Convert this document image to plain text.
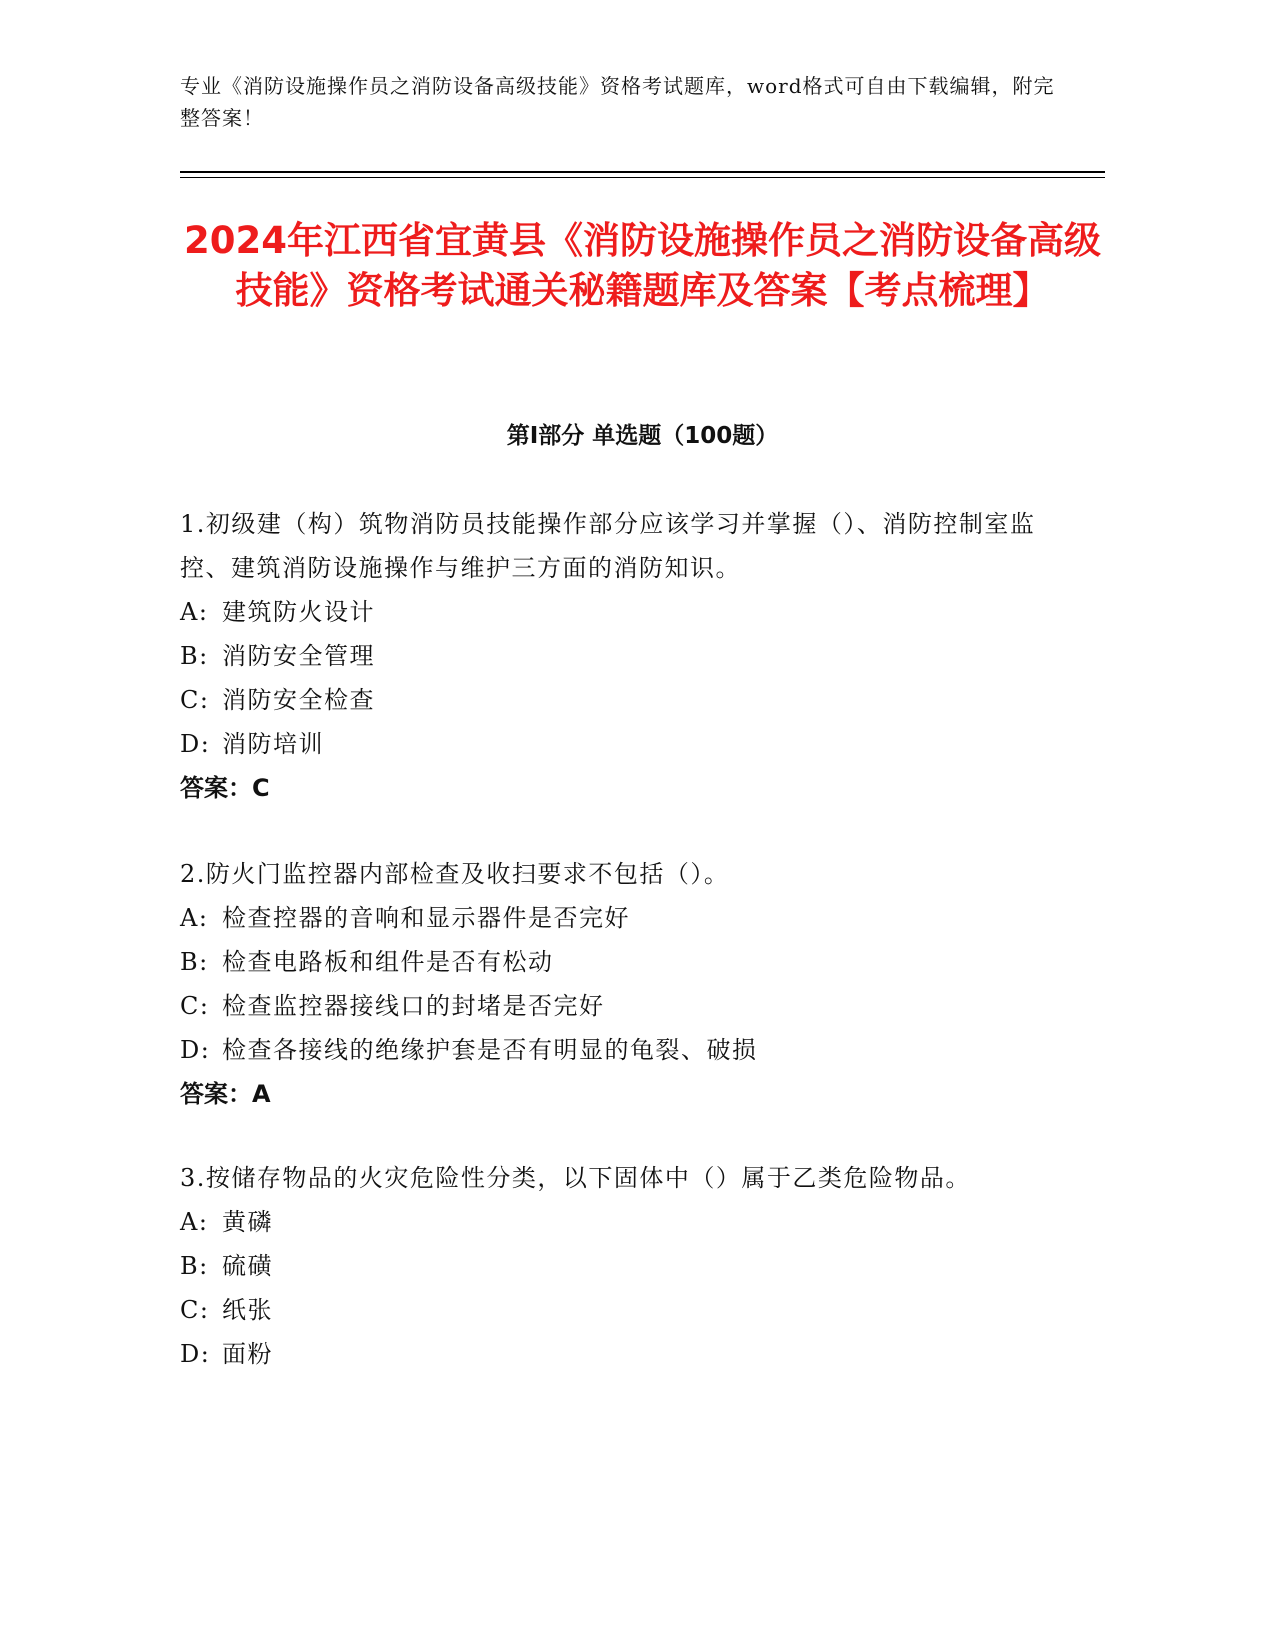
专业《消防设施操作员之消防设备高级技能》资格考试题库，word格式可自由下载编辑，附完整答案！
2024年江西省宜黄县《消防设施操作员之消防设备高级技能》资格考试通关秘籍题库及答案【考点梳理】
第I部分 单选题（100题）
1.初级建（构）筑物消防员技能操作部分应该学习并掌握（）、消防控制室监控、建筑消防设施操作与维护三方面的消防知识。
A: 建筑防火设计
B: 消防安全管理
C: 消防安全检查
D: 消防培训
答案：C
2.防火门监控器内部检查及收扫要求不包括（）。
A: 检查控器的音响和显示器件是否完好
B: 检查电路板和组件是否有松动
C: 检查监控器接线口的封堵是否完好
D: 检查各接线的绝缘护套是否有明显的龟裂、破损
答案：A
3.按储存物品的火灾危险性分类，以下固体中（）属于乙类危险物品。
A: 黄磷
B: 硫磺
C: 纸张
D: 面粉
